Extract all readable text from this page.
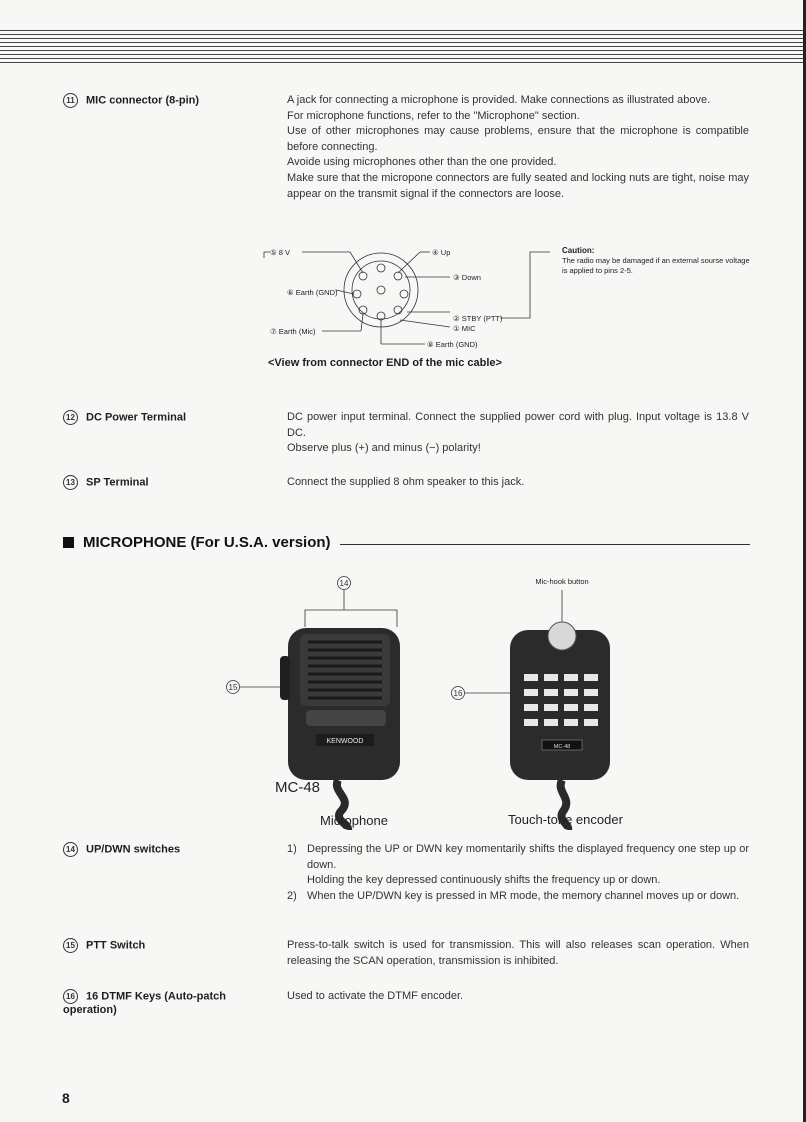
11 MIC connector (8-pin)	A jack for connecting a microphone is provided. Make connections as illustrated above.

For microphone functions, refer to the "Microphone" section.

Use of other microphones may cause problems, ensure that the microphone is compatible before connecting.

Avoide using microphones other than the one provided.

Make sure that the micropone connectors are fully seated and locking nuts are tight, noise may appear on the transmit signal if the connectors are loose.

⑤ 8 V	④ Up
③ Down
⑥ Earth (GND)
② STBY (PTT)
① MIC
⑦ Earth (Mic)
⑧ Earth (GND)
Caution:
The radio may be damaged if an external sourse voltage is applied to pins 2-5.
<View from connector END of the mic cable>
12 DC Power Terminal	DC power input terminal. Connect the supplied power cord with plug. Input voltage is 13.8 V DC.

Observe plus (+) and minus (−) polarity!

13 SP Terminal	Connect the supplied 8 ohm speaker to this jack.

MICROPHONE (For U.S.A. version)
14
15
16
Mic-hook button
KENWOOD
MC-48
MC-48
Microphone	Touch-tone encoder
14 UP/DWN switches	1) Depressing the UP or DWN key momentarily shifts the displayed frequency one step up or down.
Holding the key depressed continuously shifts the frequency up or down.
2) When the UP/DWN key is pressed in MR mode, the memory channel moves up or down.
15 PTT Switch	Press-to-talk switch is used for transmission. This will also releases scan operation. When releasing the SCAN operation, transmission is inhibited.

16 16 DTMF Keys (Auto-patch operation)

Used to activate the DTMF encoder.

8
